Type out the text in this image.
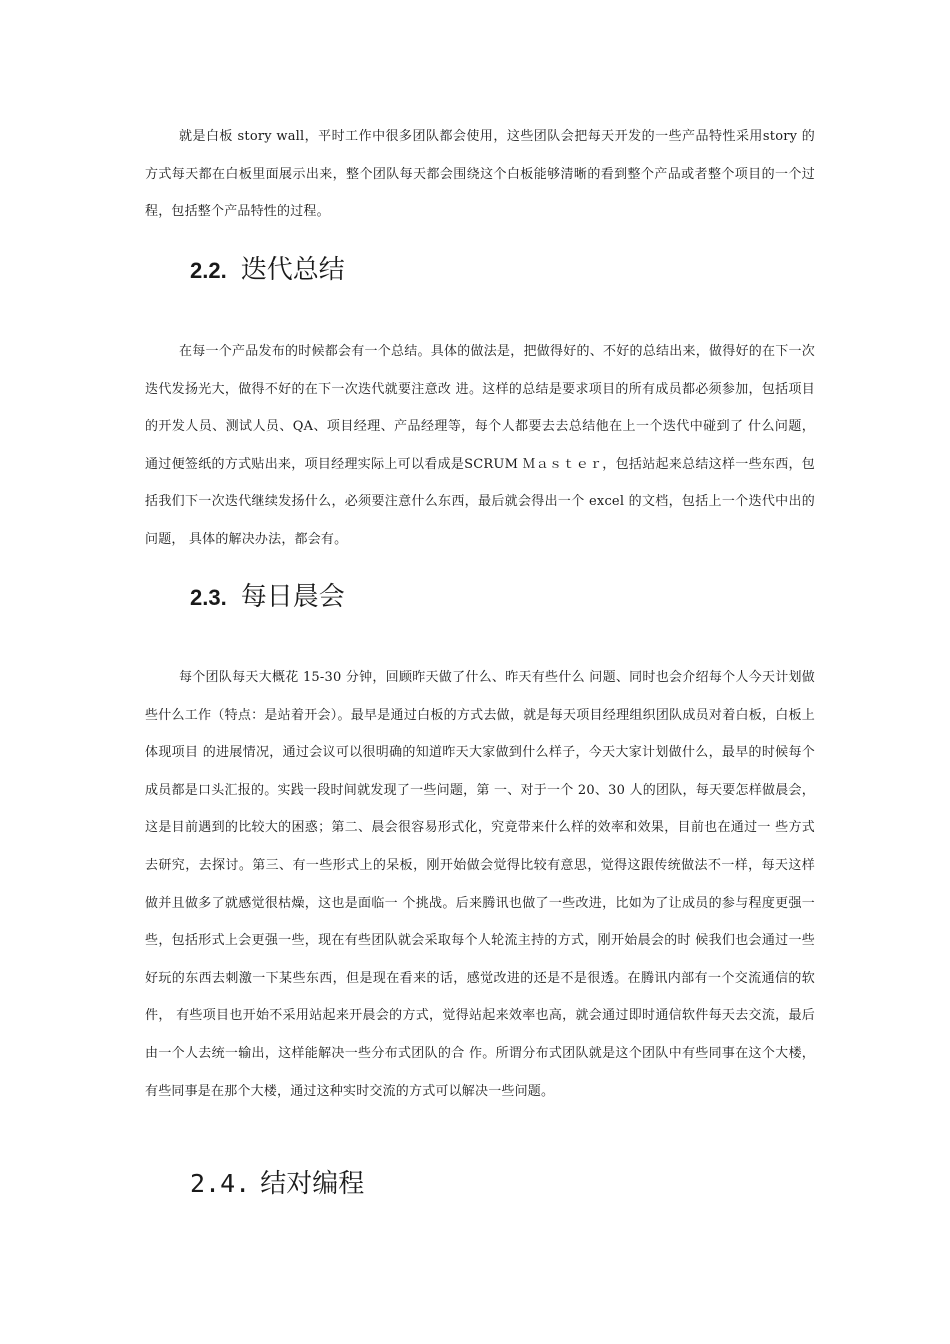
就是白板 story wall，平时工作中很多团队都会使用，这些团队会把每天开发的一些产品特性采用story 的方式每天都在白板里面展示出来，整个团队每天都会围绕这个白板能够清晰的看到整个产品或者整个项目的一个过程，包括整个产品特性的过程。

2.2. 迭代总结

在每一个产品发布的时候都会有一个总结。具体的做法是，把做得好的、不好的总结出来，做得好的在下一次迭代发扬光大，做得不好的在下一次迭代就要注意改 进。这样的总结是要求项目的所有成员都必须参加，包括项目的开发人员、测试人员、QA、项目经理、产品经理等，每个人都要去去总结他在上一个迭代中碰到了 什么问题，通过便签纸的方式贴出来，项目经理实际上可以看成是SCRUM Ｍａｓｔｅｒ，包括站起来总结这样一些东西，包括我们下一次迭代继续发扬什么，必须要注意什么东西，最后就会得出一个 excel 的文档，包括上一个迭代中出的问题， 具体的解决办法，都会有。

2.3. 每日晨会

每个团队每天大概花 15-30 分钟，回顾昨天做了什么、昨天有些什么 问题、同时也会介绍每个人今天计划做些什么工作（特点：是站着开会）。最早是通过白板的方式去做，就是每天项目经理组织团队成员对着白板，白板上体现项目 的进展情况，通过会议可以很明确的知道昨天大家做到什么样子，今天大家计划做什么，最早的时候每个成员都是口头汇报的。实践一段时间就发现了一些问题，第 一、对于一个 20、30 人的团队，每天要怎样做晨会，这是目前遇到的比较大的困惑；第二、晨会很容易形式化，究竟带来什么样的效率和效果，目前也在通过一 些方式去研究，去探讨。第三、有一些形式上的呆板，刚开始做会觉得比较有意思，觉得这跟传统做法不一样，每天这样做并且做多了就感觉很枯燥，这也是面临一 个挑战。后来腾讯也做了一些改进，比如为了让成员的参与程度更强一些，包括形式上会更强一些，现在有些团队就会采取每个人轮流主持的方式，刚开始晨会的时 候我们也会通过一些好玩的东西去刺激一下某些东西，但是现在看来的话，感觉改进的还是不是很透。在腾讯内部有一个交流通信的软件， 有些项目也开始不采用站起来开晨会的方式，觉得站起来效率也高，就会通过即时通信软件每天去交流，最后由一个人去统一输出，这样能解决一些分布式团队的合 作。所谓分布式团队就是这个团队中有些同事在这个大楼，有些同事是在那个大楼，通过这种实时交流的方式可以解决一些问题。

2.4. 结对编程
